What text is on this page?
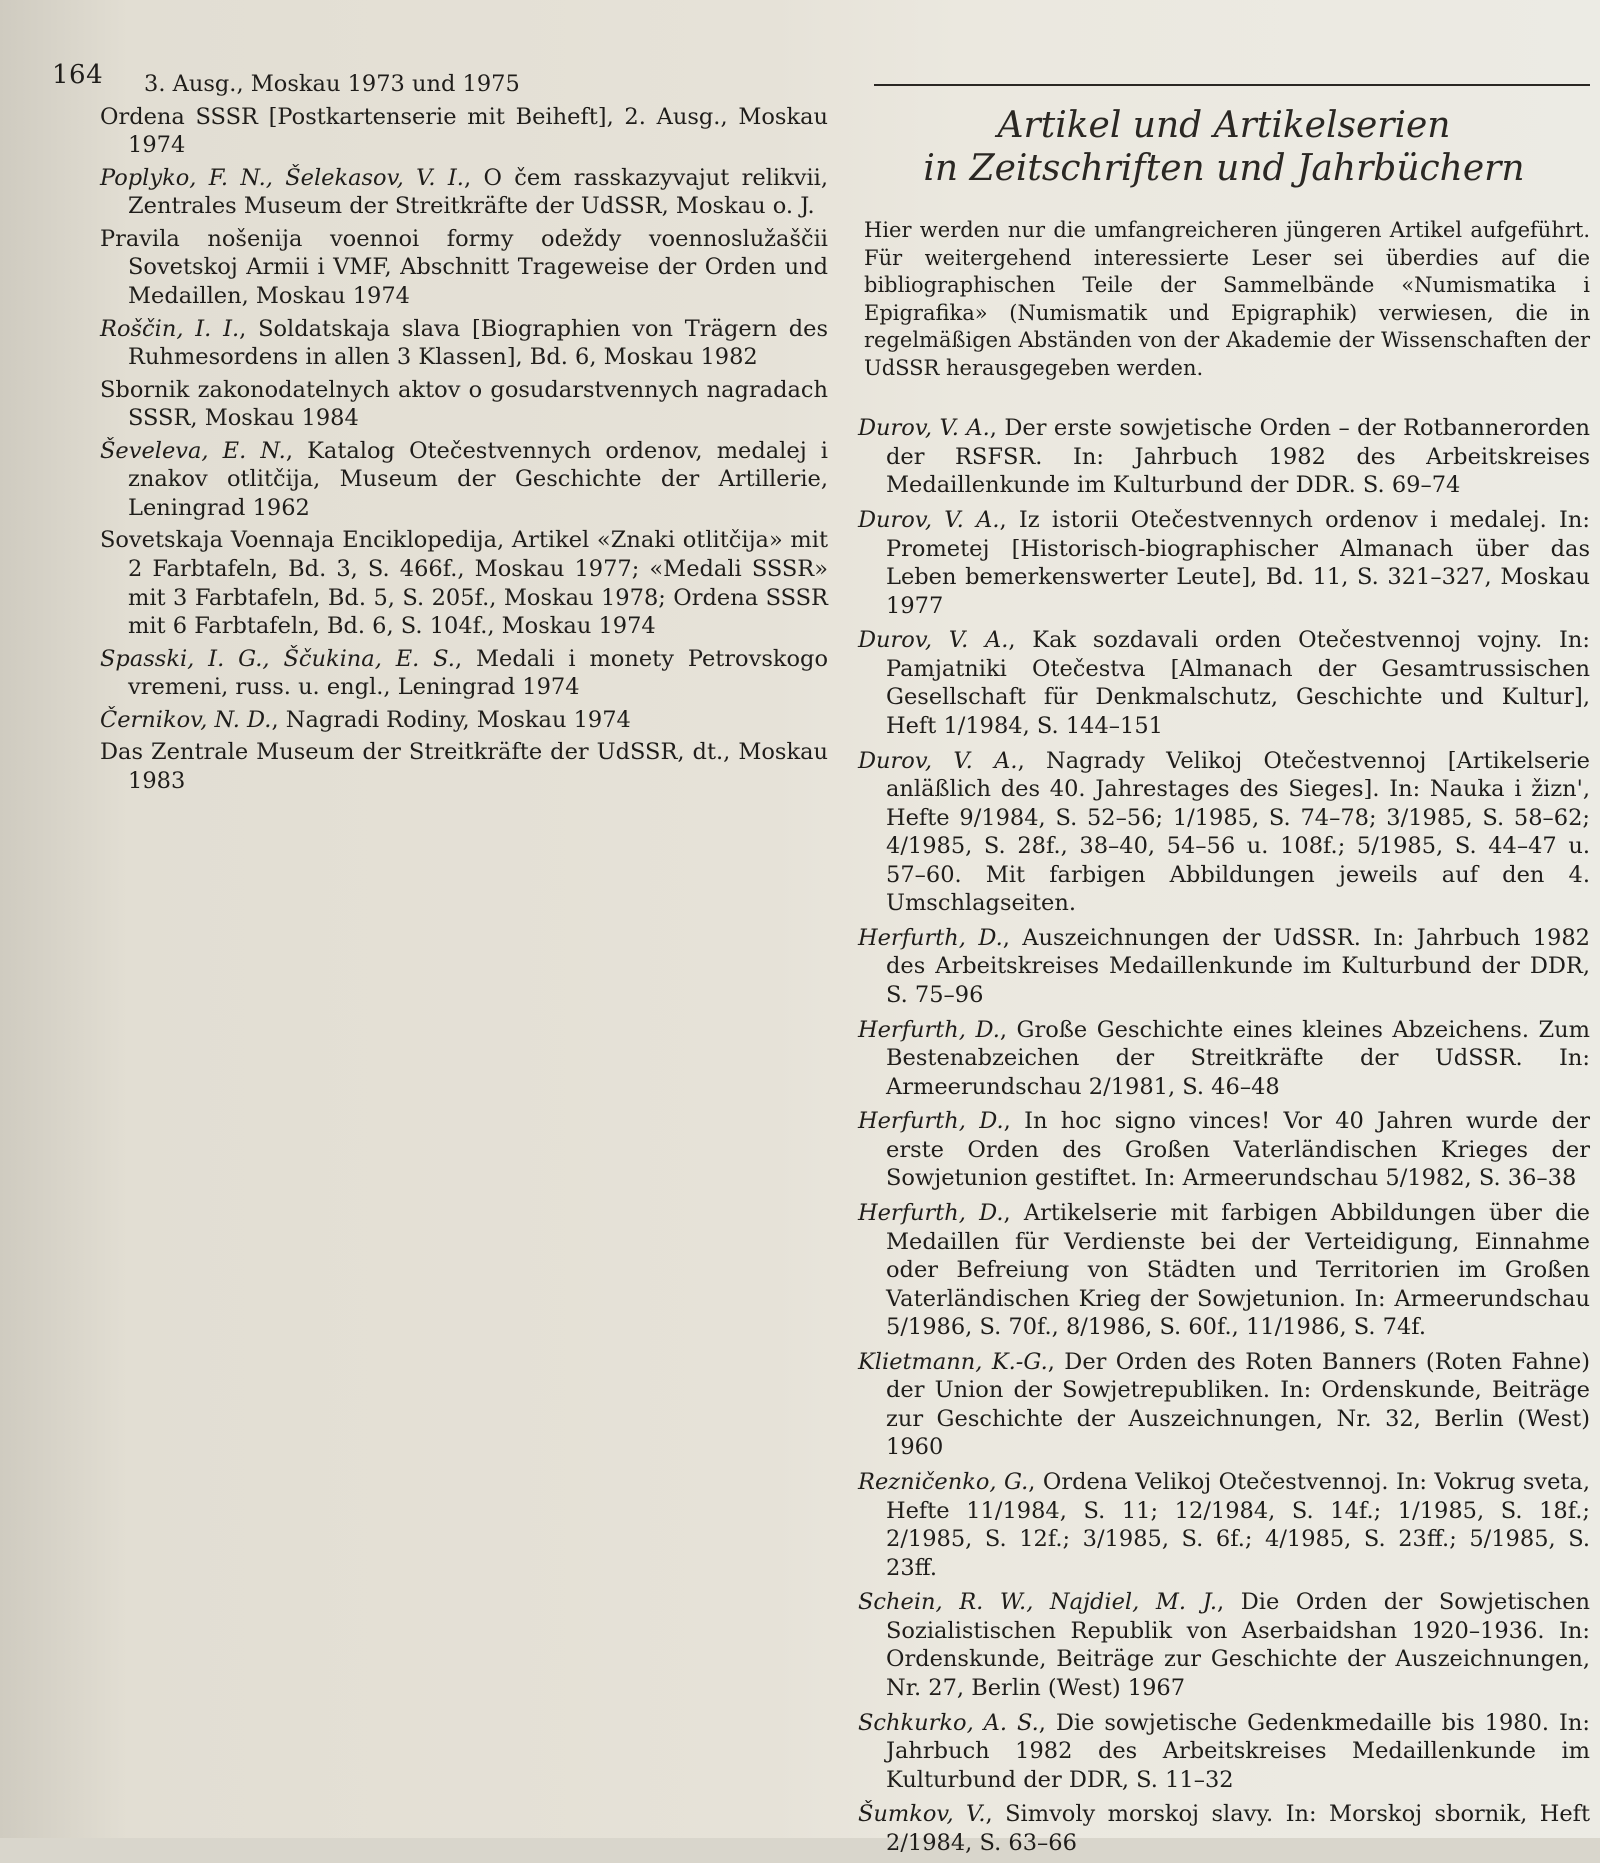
164	3. Ausg., Moskau 1973 und 1975

Ordena SSSR [Postkartenserie mit Beiheft], 2. Ausg., Moskau 1974

Poplyko, F. N., Šelekasov, V. I., O čem rasskazyvajut relikvii, Zentrales Museum der Streitkräfte der UdSSR, Moskau o. J.

Pravila nošenija voennoi formy odeždy voennoslužaščii Sovetskoj Armii i VMF, Abschnitt Trageweise der Orden und Medaillen, Moskau 1974

Roščin, I. I., Soldatskaja slava [Biographien von Trägern des Ruhmesordens in allen 3 Klassen], Bd. 6, Moskau 1982

Sbornik zakonodatelnych aktov o gosudarstvennych nagradach SSSR, Moskau 1984

Ševeleva, E. N., Katalog Otečestvennych ordenov, medalej i znakov otlitčija, Museum der Geschichte der Artillerie, Leningrad 1962

Sovetskaja Voennaja Enciklopedija, Artikel «Znaki otlitčija» mit 2 Farbtafeln, Bd. 3, S. 466f., Moskau 1977; «Medali SSSR» mit 3 Farbtafeln, Bd. 5, S. 205f., Moskau 1978; Ordena SSSR mit 6 Farbtafeln, Bd. 6, S. 104f., Moskau 1974

Spasski, I. G., Ščukina, E. S., Medali i monety Petrovskogo vremeni, russ. u. engl., Leningrad 1974

Černikov, N. D., Nagradi Rodiny, Moskau 1974

Das Zentrale Museum der Streitkräfte der UdSSR, dt., Moskau 1983

Artikel und Artikelserien
in Zeitschriften und Jahrbüchern

Hier werden nur die umfangreicheren jüngeren Artikel aufgeführt. Für weitergehend interessierte Leser sei überdies auf die bibliographischen Teile der Sammelbände «Numismatika i Epigrafika» (Numismatik und Epigraphik) verwiesen, die in regelmäßigen Abständen von der Akademie der Wissenschaften der UdSSR herausgegeben werden.

Durov, V. A., Der erste sowjetische Orden – der Rotbannerorden der RSFSR. In: Jahrbuch 1982 des Arbeitskreises Medaillenkunde im Kulturbund der DDR. S. 69–74

Durov, V. A., Iz istorii Otečestvennych ordenov i medalej. In: Prometej [Historisch-biographischer Almanach über das Leben bemerkenswerter Leute], Bd. 11, S. 321–327, Moskau 1977

Durov, V. A., Kak sozdavali orden Otečestvennoj vojny. In: Pamjatniki Otečestva [Almanach der Gesamtrussischen Gesellschaft für Denkmalschutz, Geschichte und Kultur], Heft 1/1984, S. 144–151

Durov, V. A., Nagrady Velikoj Otečestvennoj [Artikelserie anläßlich des 40. Jahrestages des Sieges]. In: Nauka i žizn', Hefte 9/1984, S. 52–56; 1/1985, S. 74–78; 3/1985, S. 58–62; 4/1985, S. 28f., 38–40, 54–56 u. 108f.; 5/1985, S. 44–47 u. 57–60. Mit farbigen Abbildungen jeweils auf den 4. Umschlagseiten.

Herfurth, D., Auszeichnungen der UdSSR. In: Jahrbuch 1982 des Arbeitskreises Medaillenkunde im Kulturbund der DDR, S. 75–96

Herfurth, D., Große Geschichte eines kleines Abzeichens. Zum Bestenabzeichen der Streitkräfte der UdSSR. In: Armeerundschau 2/1981, S. 46–48

Herfurth, D., In hoc signo vinces! Vor 40 Jahren wurde der erste Orden des Großen Vaterländischen Krieges der Sowjetunion gestiftet. In: Armeerundschau 5/1982, S. 36–38

Herfurth, D., Artikelserie mit farbigen Abbildungen über die Medaillen für Verdienste bei der Verteidigung, Einnahme oder Befreiung von Städten und Territorien im Großen Vaterländischen Krieg der Sowjetunion. In: Armeerundschau 5/1986, S. 70f., 8/1986, S. 60f., 11/1986, S. 74f.

Klietmann, K.-G., Der Orden des Roten Banners (Roten Fahne) der Union der Sowjetrepubliken. In: Ordenskunde, Beiträge zur Geschichte der Auszeichnungen, Nr. 32, Berlin (West) 1960

Rezničenko, G., Ordena Velikoj Otečestvennoj. In: Vokrug sveta, Hefte 11/1984, S. 11; 12/1984, S. 14f.; 1/1985, S. 18f.; 2/1985, S. 12f.; 3/1985, S. 6f.; 4/1985, S. 23ff.; 5/1985, S. 23ff.

Schein, R. W., Najdiel, M. J., Die Orden der Sowjetischen Sozialistischen Republik von Aserbaidshan 1920–1936. In: Ordenskunde, Beiträge zur Geschichte der Auszeichnungen, Nr. 27, Berlin (West) 1967

Schkurko, A. S., Die sowjetische Gedenkmedaille bis 1980. In: Jahrbuch 1982 des Arbeitskreises Medaillenkunde im Kulturbund der DDR, S. 11–32

Šumkov, V., Simvoly morskoj slavy. In: Morskoj sbornik, Heft 2/1984, S. 63–66
